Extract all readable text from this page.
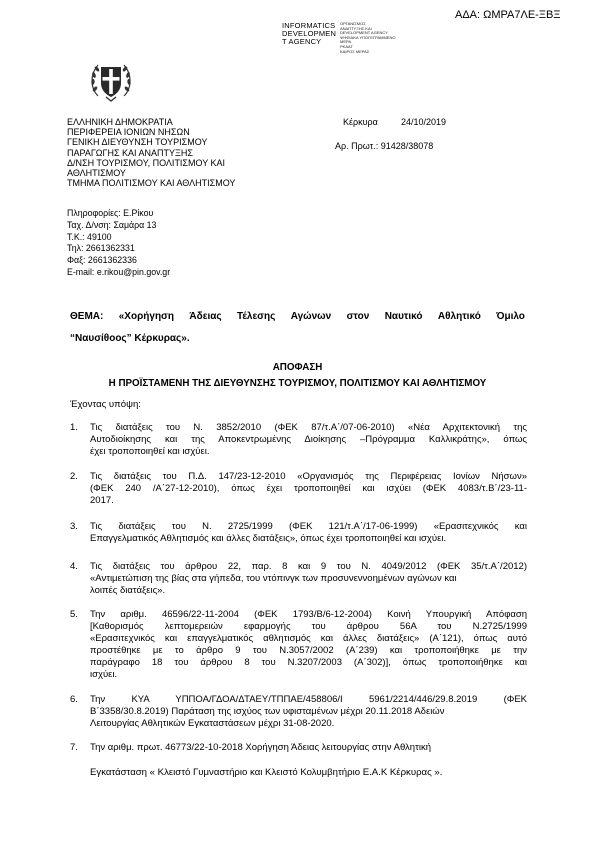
ΑΔΑ: ΩΜΡΑ7ΛΕ-ΞΒΞ
INFORMATICS
DEVELOPMEN
T AGENCY
ΟΡΓΑΝΙΣΜΟΣ
ΑΝΑΠΤΥΞΗΣ ΚΑΙ
DEVELOPMENT AGENCY
ΨΗΦΙΑΚΑ ΥΠΟΓΕΓΡΑΜΜΕΝΟ
ΜΕΡΑ
PKAAT
ΚΑΙΡΟΣ ΜΕΡΑΣ
ΕΛΛΗΝΙΚΗ ΔΗΜΟΚΡΑΤΙΑ
ΠΕΡΙΦΕΡΕΙΑ ΙΟΝΙΩΝ ΝΗΣΩΝ
ΓΕΝΙΚΗ ΔΙΕΥΘΥΝΣΗ ΤΟΥΡΙΣΜΟΥ
ΠΑΡΑΓΩΓΗΣ ΚΑΙ ΑΝΑΠΤΥΞΗΣ
Δ/ΝΣΗ ΤΟΥΡΙΣΜΟΥ, ΠΟΛΙΤΙΣΜΟΥ ΚΑΙ
ΑΘΛΗΤΙΣΜΟΥ
ΤΜΗΜΑ ΠΟΛΙΤΙΣΜΟΥ ΚΑΙ ΑΘΛΗΤΙΣΜΟΥ
Κέρκυρα	24/10/2019
Αρ. Πρωτ.: 91428/38078
Πληροφορίες: Ε.Ρίκου
Ταχ. Δ/νση: Σαμάρα 13
Τ.Κ.: 49100
Τηλ: 2661362331
Φαξ: 2661362336
E-mail: e.rikou@pin.gov.gr
ΘΕΜΑ: «Χορήγηση Άδειας Τέλεσης Αγώνων στον Ναυτικό Αθλητικό Όμιλο
“Ναυσίθοος” Κέρκυρας».
ΑΠΟΦΑΣΗ
Η ΠΡΟΪΣΤΑΜΕΝΗ ΤΗΣ ΔΙΕΥΘΥΝΣΗΣ ΤΟΥΡΙΣΜΟΥ, ΠΟΛΙΤΙΣΜΟΥ ΚΑΙ ΑΘΛΗΤΙΣΜΟΥ
Έχοντας υπόψη:
1. Τις διατάξεις του Ν. 3852/2010 (ΦΕΚ 87/τ.Α΄/07-06-2010) «Νέα Αρχιτεκτονική της
Αυτοδιοίκησης και της Αποκεντρωμένης Διοίκησης –Πρόγραμμα Καλλικράτης», όπως
έχει τροποποιηθεί και ισχύει.
2. Τις διατάξεις του Π.Δ. 147/23-12-2010 «Οργανισμός της Περιφέρειας Ιονίων Νήσων»
(ΦΕΚ 240 /Α΄27-12-2010), όπως έχει τροποποιηθεί και ισχύει (ΦΕΚ 4083/τ.Β΄/23-11-
2017.
3. Τις διατάξεις του Ν. 2725/1999 (ΦΕΚ 121/τ.Α΄/17-06-1999) «Ερασιτεχνικός και
Επαγγελματικός Αθλητισμός και άλλες διατάξεις», όπως έχει τροποποιηθεί και ισχύει.
4. Τις διατάξεις του άρθρου 22, παρ. 8 και 9 του Ν. 4049/2012 (ΦΕΚ 35/τ.Α΄/2012)
«Αντιμετώπιση της βίας στα γήπεδα, του ντόπινγκ των προσυνεννοημένων αγώνων και
λοιπές διατάξεις».
5. Την αριθμ. 46596/22-11-2004 (ΦΕΚ 1793/Β/6-12-2004) Κοινή Υπουργική Απόφαση
[Καθορισμός λεπτομερειών εφαρμογής του άρθρου 56Α του Ν.2725/1999
«Ερασιτεχνικός και επαγγελματικός αθλητισμός και άλλες διατάξεις» (Α΄121), όπως αυτό
προστέθηκε με το άρθρο 9 του Ν.3057/2002 (Α΄239) και τροποποιήθηκε με την
παράγραφο 18 του άρθρου 8 του Ν.3207/2003 (Α΄302)], όπως τροποποιήθηκε και
ισχύει.
6. Την ΚΥΑ ΥΠΠΟΑ/ΓΔΟΑ/ΔΤΑΕΥ/ΤΠΠΑΕ/458806/Ι 5961/2214/446/29.8.2019 (ΦΕΚ
Β΄3358/30.8.2019) Παράταση της ισχύος των υφισταμένων μέχρι 20.11.2018 Αδειών
Λειτουργίας Αθλητικών Εγκαταστάσεων μέχρι 31-08-2020.
7. Την αριθμ. πρωτ. 46773/22-10-2018 Χορήγηση Άδειας λειτουργίας στην Αθλητική
Εγκατάσταση « Κλειστό Γυμναστήριο και Κλειστό Κολυμβητήριο Ε.Α.Κ Κέρκυρας ».
